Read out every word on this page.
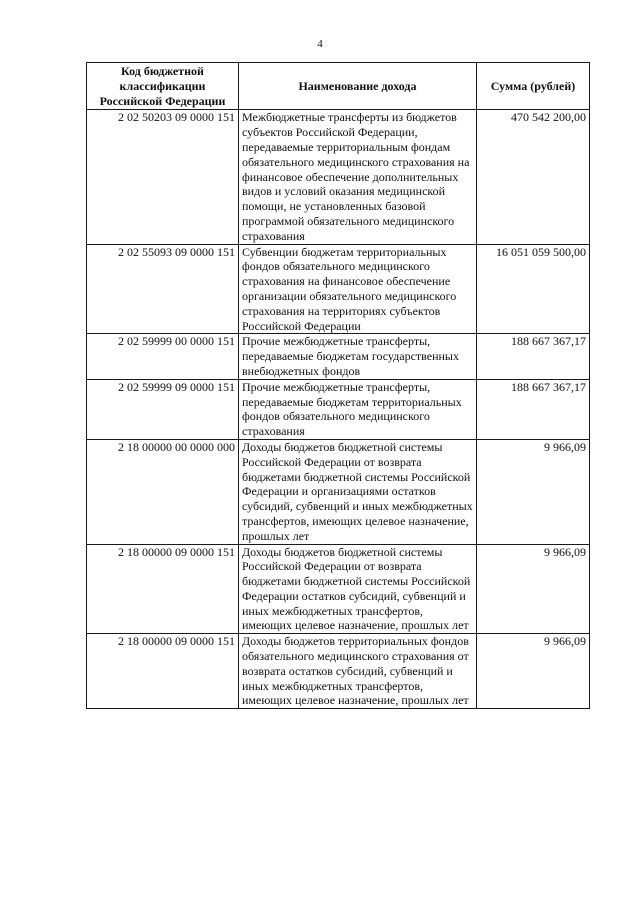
4
Код бюджетной классификации Российской Федерации	Наименование дохода	Сумма (рублей)
2 02 50203 09 0000 151	Межбюджетные трансферты из бюджетов субъектов Российской Федерации, передаваемые территориальным фондам обязательного медицинского страхования на финансовое обеспечение дополнительных видов и условий оказания медицинской помощи, не установленных базовой программой обязательного медицинского страхования	470 542 200,00
2 02 55093 09 0000 151	Субвенции бюджетам территориальных фондов обязательного медицинского страхования на финансовое обеспечение организации обязательного медицинского страхования на территориях субъектов Российской Федерации	16 051 059 500,00
2 02 59999 00 0000 151	Прочие межбюджетные трансферты, передаваемые бюджетам государственных внебюджетных фондов	188 667 367,17
2 02 59999 09 0000 151	Прочие межбюджетные трансферты, передаваемые бюджетам территориальных фондов обязательного медицинского страхования	188 667 367,17
2 18 00000 00 0000 000	Доходы бюджетов бюджетной системы Российской Федерации от возврата бюджетами бюджетной системы Российской Федерации и организациями остатков субсидий, субвенций и иных межбюджетных трансфертов, имеющих целевое назначение, прошлых лет	9 966,09
2 18 00000 09 0000 151	Доходы бюджетов бюджетной системы Российской Федерации от возврата бюджетами бюджетной системы Российской Федерации остатков субсидий, субвенций и иных межбюджетных трансфертов, имеющих целевое назначение, прошлых лет	9 966,09
2 18 00000 09 0000 151	Доходы бюджетов территориальных фондов обязательного медицинского страхования от возврата остатков субсидий, субвенций и иных межбюджетных трансфертов, имеющих целевое назначение, прошлых лет	9 966,09
